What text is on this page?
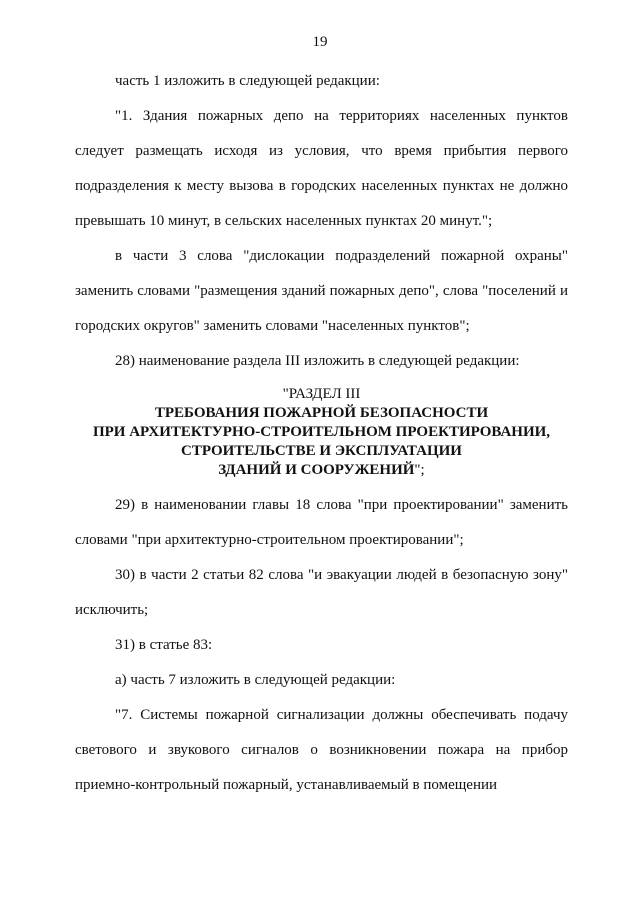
19

часть 1 изложить в следующей редакции:

"1. Здания пожарных депо на территориях населенных пунктов следует размещать исходя из условия, что время прибытия первого подразделения к месту вызова в городских населенных пунктах не должно превышать 10 минут, в сельских населенных пунктах 20 минут.";

в части 3 слова "дислокации подразделений пожарной охраны" заменить словами "размещения зданий пожарных депо", слова "поселений и городских округов" заменить словами "населенных пунктов";

28) наименование раздела III изложить в следующей редакции:

"РАЗДЕЛ III
ТРЕБОВАНИЯ ПОЖАРНОЙ БЕЗОПАСНОСТИ
ПРИ АРХИТЕКТУРНО-СТРОИТЕЛЬНОМ ПРОЕКТИРОВАНИИ,
СТРОИТЕЛЬСТВЕ И ЭКСПЛУАТАЦИИ
ЗДАНИЙ И СООРУЖЕНИЙ";

29) в наименовании главы 18 слова "при проектировании" заменить словами "при архитектурно-строительном проектировании";

30) в части 2 статьи 82 слова "и эвакуации людей в безопасную зону" исключить;

31) в статье 83:

а) часть 7 изложить в следующей редакции:

"7. Системы пожарной сигнализации должны обеспечивать подачу светового и звукового сигналов о возникновении пожара на прибор приемно-контрольный пожарный, устанавливаемый в помещении
